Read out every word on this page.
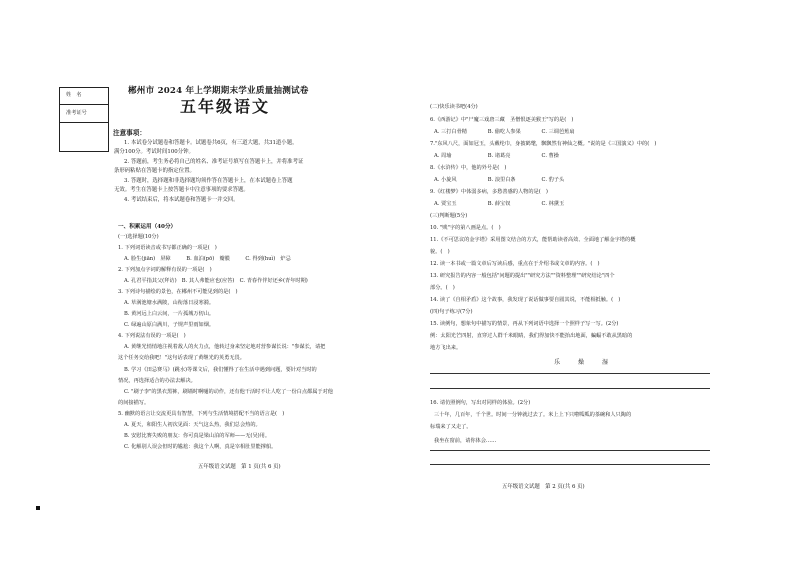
姓　名
准考证号
郴州市 2024 年上学期期末学业质量抽测试卷
五年级语文
注意事项：
1. 本试卷分试题卷和答题卡。试题卷共6页，有三道大题，共31道小题，
满分100分。考试时间100分钟。
2. 答题前，考生务必将自己的姓名、准考证号填写在答题卡上，并将准考证
条形码粘贴在答题卡的指定位置。
3. 答题时，选择题和非选择题均须作答在答题卡上，在本试题卷上答题
无效。考生在答题卡上按答题卡中注意事项的要求答题。
4. 考试结束后，将本试题卷和答题卡一并交回。
一、积累运用（40分）
(一)选择题(10分)
1. 下列词语读音或书写都正确的一项是(　)
A. 脸生(jiān)　屏障　　　B. 血泊(pō)　瓣膜　　　C. 得到(huì)　炉忌
2. 下列加点字词的解释有误的一项是(　)
A. 孔君平指其父(拜访)　B. 其人弗能应也(应答)　C. 青春作伴好还乡(青年时期)
3. 下列诗句描绘的景色，在郴州不可能见到的是(　)
A. 草满池塘水满陂，山衔落日浸寒漪。
B. 黄河远上白云间，一片孤城万仞山。
C. 绿遍山原白满川，子规声里雨如烟。
4. 下列说法有误的一项是(　)
A. 黄继光悄悄地注视着敌人的火力点，他转过身来坚定地对营参谋长说："参谋长，请把
这个任务交给我吧！"这句话表现了黄继光的英勇无畏。
B. 学习《田忌赛马》(跳水)等课文后，我们懂得了在生活中遇到问题，要针对当时的
情况，再选择适合的办法去解决。
C. "刷子李"的黑衣黑裤，刷墙时啊嗵的动作，还有他干活时不让人吃了一份白点都属于对他
的间接描写。
5. 幽默的语言让交流更具有智慧，下列与生活情境搭配不当的语言是(　)
A. 夏天，和阳生人初次见面：天气这么热，我们总会热的。
B. 安慰比赛失败的朋友：你可真是梁山泊的军师——无(吴)用。
C. 化解别人误会但时的尴尬：我这个人啊，真是宰相肚里能撑船。
五年级语文试题　第 1 页(共 6 页)
(二)快乐读书吧(4分)
6.《西游记》中"尸魔三戏唐三藏　圣僧恨逐美猴王"写的是(　)
A. 三打白骨精　　　　B. 偷吃人参果　　　　C. 三调芭蕉扇
7."东风八尺，面如冠玉，头戴纶巾，身披鹤氅，飘飘然有神仙之概。"说的是《三国演义》中的(　)
A. 周瑜　　　　　　　B. 诸葛亮　　　　　　C. 曹操
8.《水浒传》中，他的外号是(　)
A. 小旋风　　　　　　B. 浪里白条　　　　　C. 豹子头
9.《红楼梦》中体弱多病，多愁善感的人物的是(　)
A. 贾宝玉　　　　　　B. 薛宝钗　　　　　　C. 林黛玉
(三)判断题(5分)
10. "贱"字的第八画是点。(　)
11.《不可思议的金字塔》采用图文结合的方式，能帮助读者高效、全面地了解金字塔的概
貌。(　)
12. 读一本书或一篇文章后写读后感，重点在于介绍书或文章的内容。(　)
13. 研究报告的内容一般包括"问题的提出""研究方法""资料整理""研究结论"四个
部分。(　)
14. 读了《自相矛盾》这个故事，我发现了说话做事要自圆其说，不能相抵触。(　)
(四)句子练习(7分)
15. 读例句，想象句中描写的情景，再从下列词语中选择一个照样子写一写。(2分)
例：太阳光芒四射，直穿过人群千米眼睛，我们得加快不能抬出地面，蝙蝠不敢从黑暗的
地方飞出来。
乐　　　燥　　　湿
16. 请仿照例句，写出对同样的体验。(2分)
三十年，几百年，千个世。时间一分钟就过去了。米上上下只啦呱呱的茶碗和人只陶的
标瑞来了又走了。
我坐在窗前，请你体会……
五年级语文试题　第 2 页(共 6 页)
